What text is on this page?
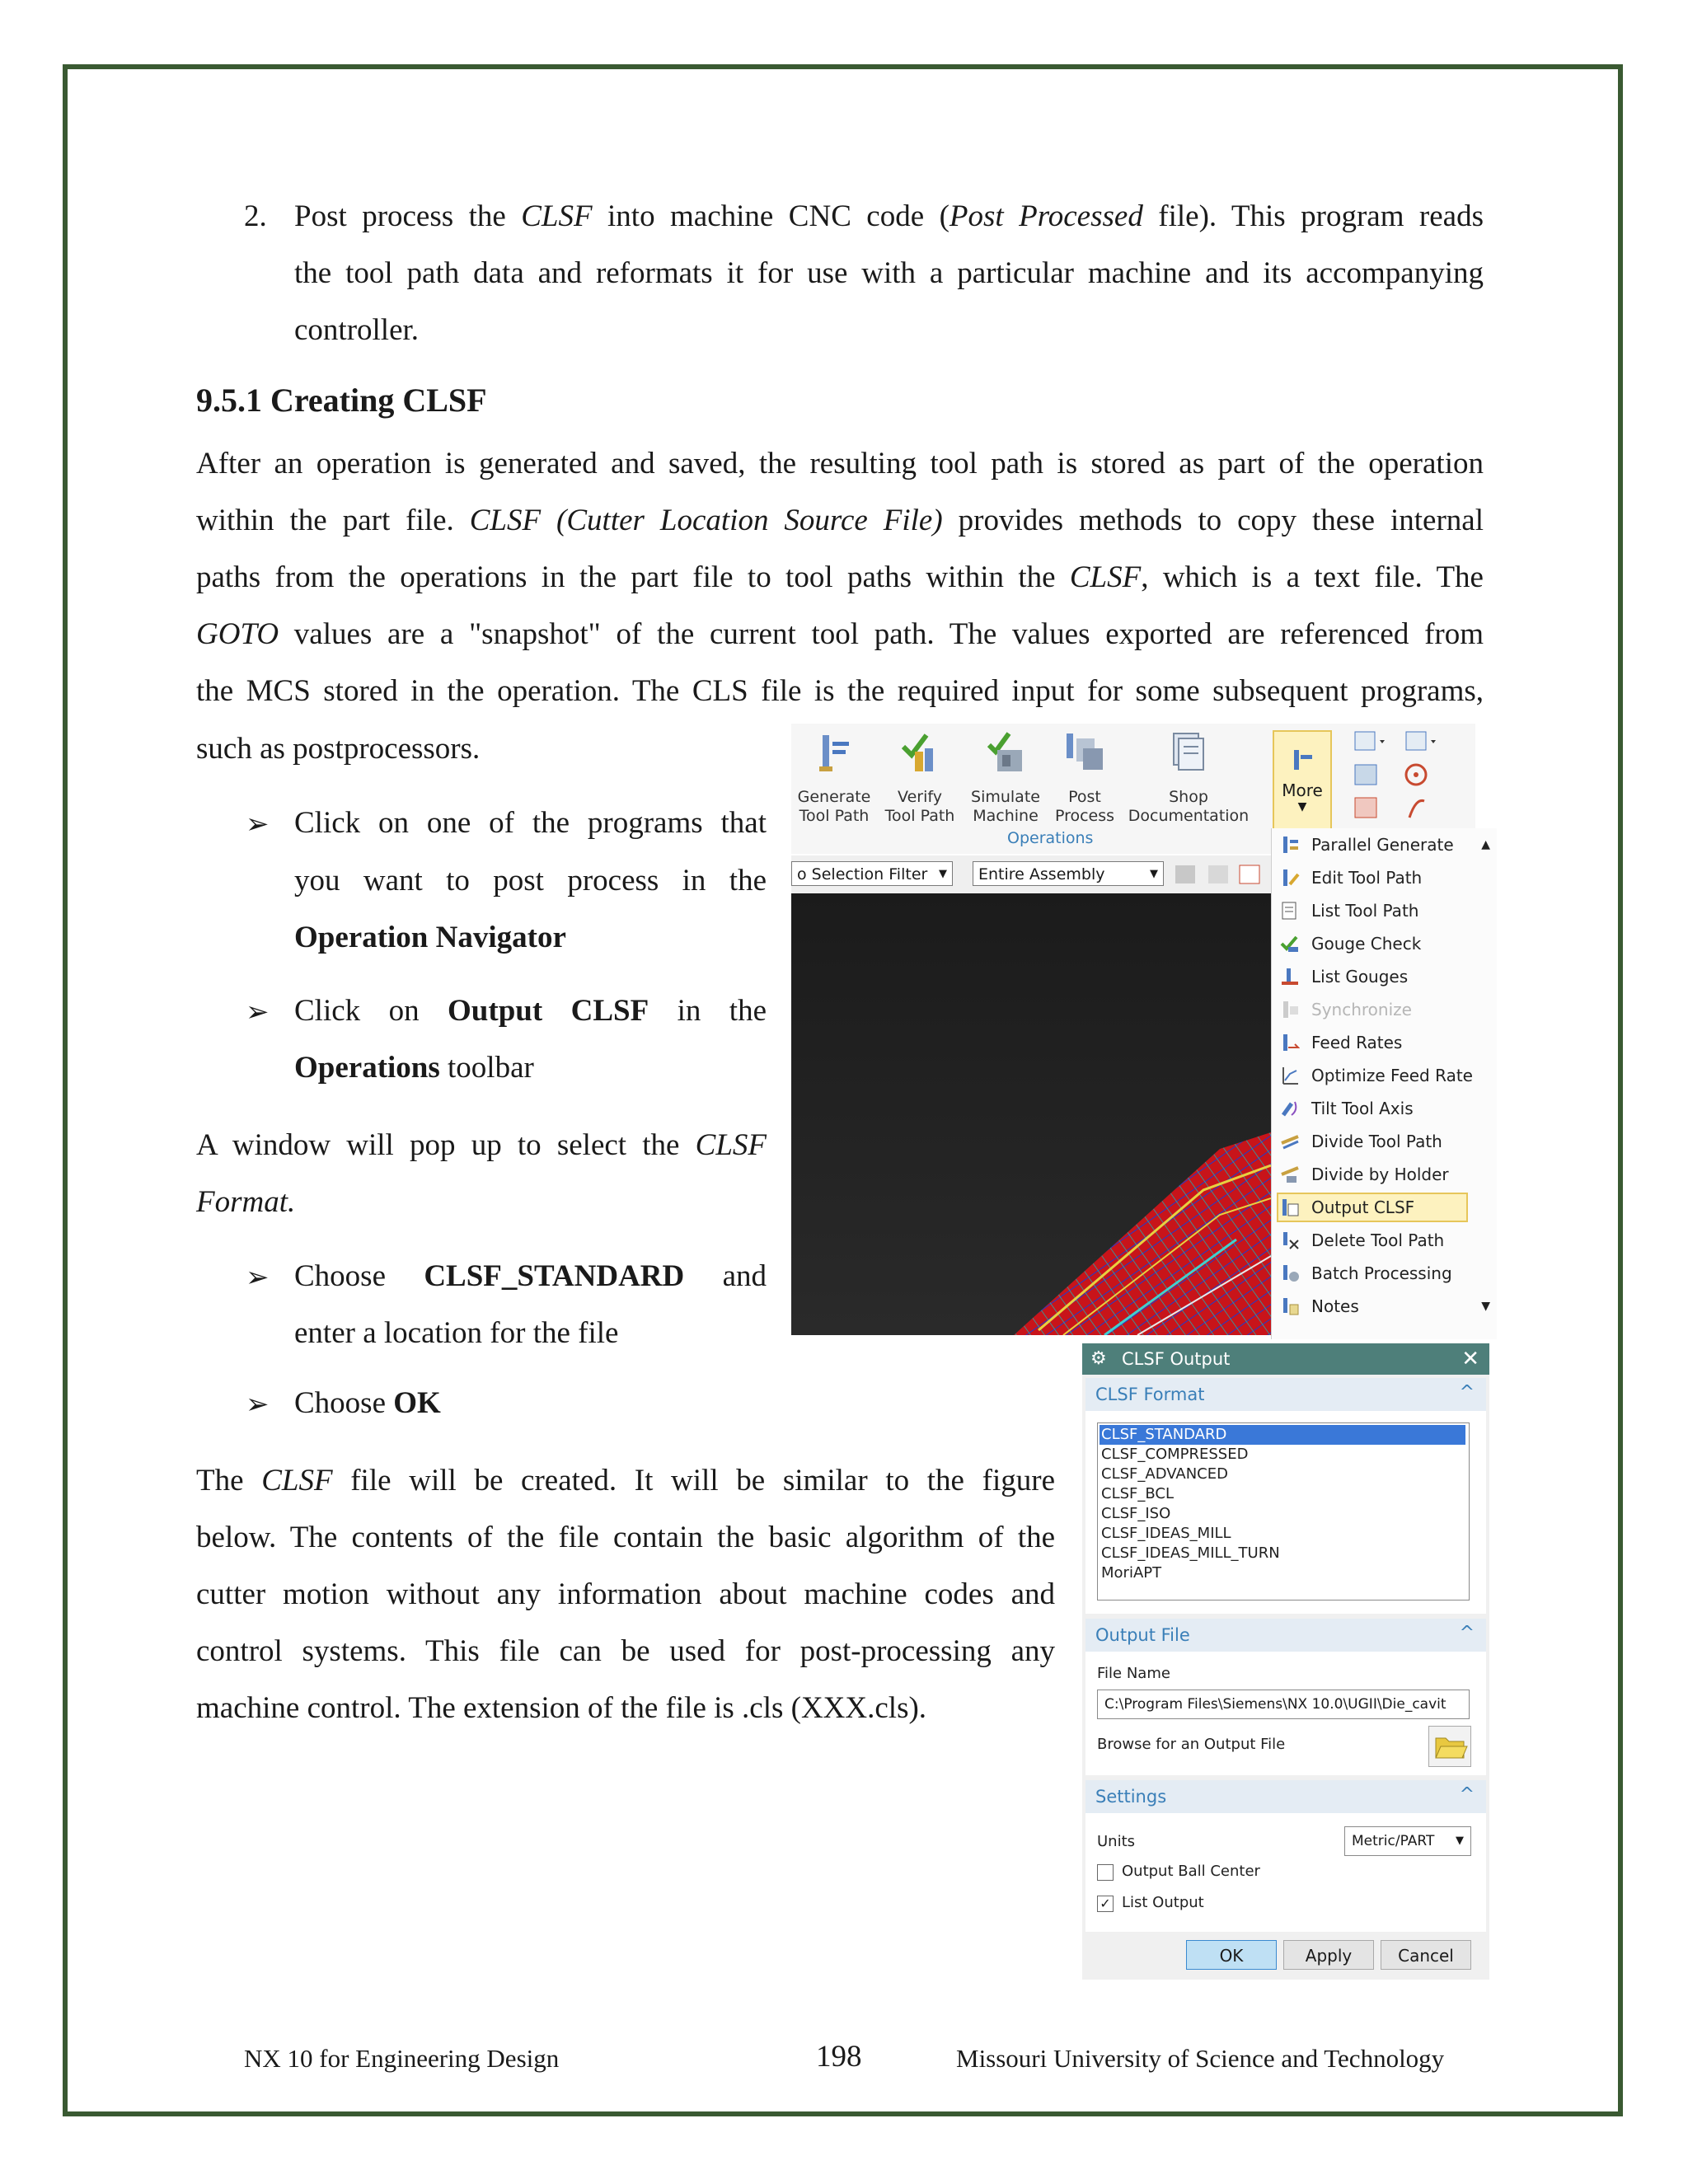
2. Post process the CLSF into machine CNC code (Post Processed file). This program reads
the tool path data and reformats it for use with a particular machine and its accompanying
controller.
9.5.1 Creating CLSF
After an operation is generated and saved, the resulting tool path is stored as part of the operation
within the part file. CLSF (Cutter Location Source File) provides methods to copy these internal
paths from the operations in the part file to tool paths within the CLSF, which is a text file. The
GOTO values are a "snapshot" of the current tool path. The values exported are referenced from
the MCS stored in the operation. The CLS file is the required input for some subsequent programs,
such as postprocessors.
➢ Click on one of the programs that
you want to post process in the
Operation Navigator
➢ Click on Output CLSF in the
Operations toolbar
A window will pop up to select the CLSF
Format.
➢ Choose CLSF_STANDARD and
enter a location for the file
➢ Choose OK
The CLSF file will be created. It will be similar to the figure
below. The contents of the file contain the basic algorithm of the
cutter motion without any information about machine codes and
control systems. This file can be used for post-processing any
machine control. The extension of the file is .cls (XXX.cls).
Generate
Tool Path
Verify
Tool Path
Simulate
Machine
Post
Process
Shop
Documentation
Operations
More
▼
o Selection Filter ▼	Entire Assembly	▼
Parallel Generate ▲
Edit Tool Path
List Tool Path
Gouge Check
List Gouges
Synchronize
Feed Rates
Optimize Feed Rate
Tilt Tool Axis
Divide Tool Path
Divide by Holder
Output CLSF
Delete Tool Path
Batch Processing
Notes	▼
⚙ CLSF Output	✕
CLSF Format	^
CLSF_STANDARD
CLSF_COMPRESSED
CLSF_ADVANCED
CLSF_BCL
CLSF_ISO
CLSF_IDEAS_MILL
CLSF_IDEAS_MILL_TURN
MoriAPT
Output File	^
File Name
C:\Program Files\Siemens\NX 10.0\UGII\Die_cavit
Browse for an Output File
Settings	^
Units	Metric/PART ▼
Output Ball Center
✓ List Output
OK	Apply	Cancel
NX 10 for Engineering Design	198	Missouri University of Science and Technology
